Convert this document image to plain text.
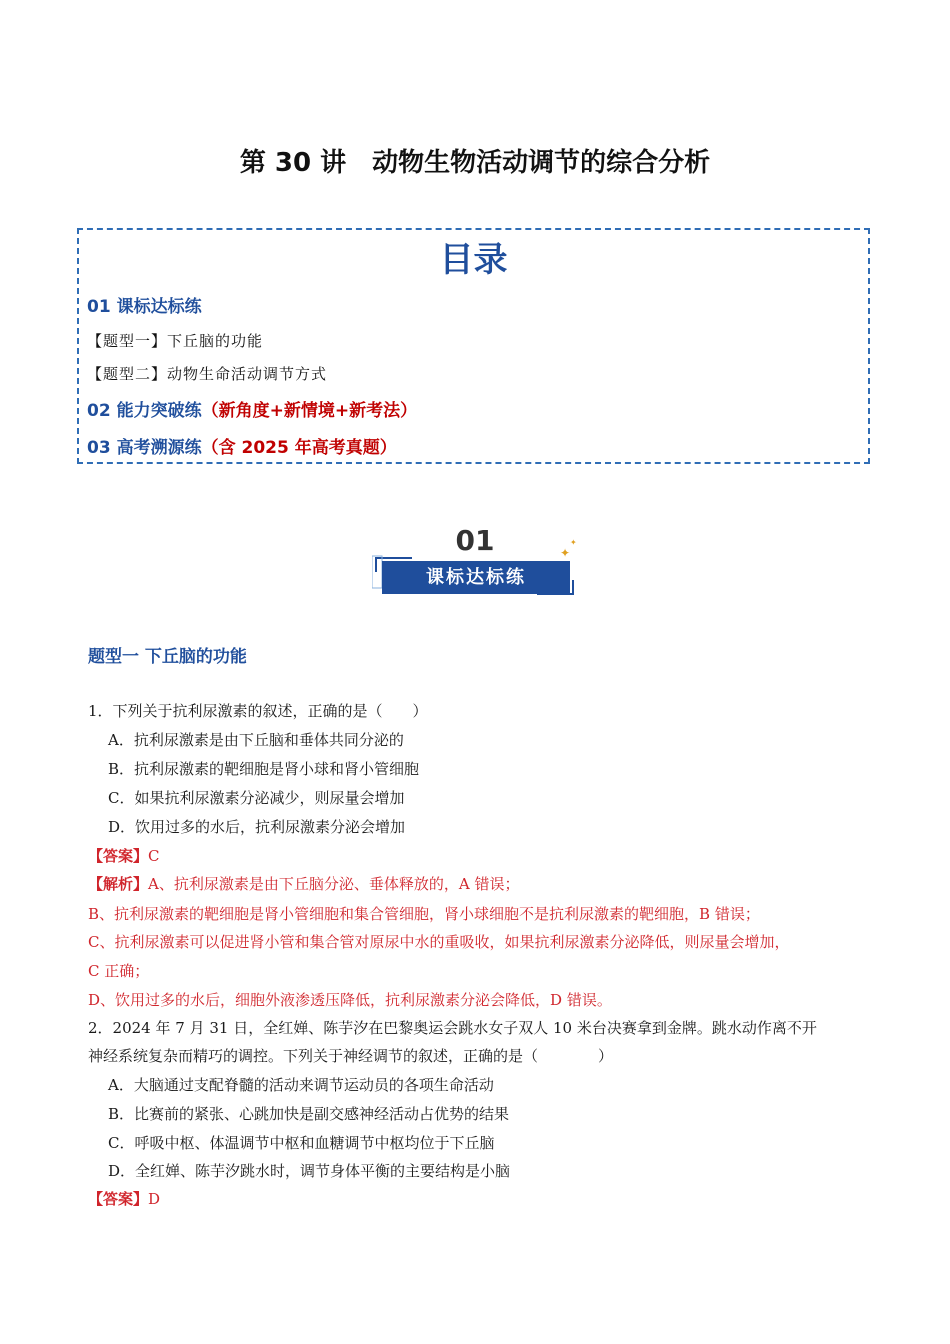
第 30 讲　动物生物活动调节的综合分析
目录
01 课标达标练
【题型一】下丘脑的功能
【题型二】动物生命活动调节方式
02 能力突破练（新角度+新情境+新考法）
03 高考溯源练（含 2025 年高考真题）
01
课标达标练
✦
✦
题型一 下丘脑的功能
1．下列关于抗利尿激素的叙述，正确的是（　　）
A．抗利尿激素是由下丘脑和垂体共同分泌的
B．抗利尿激素的靶细胞是肾小球和肾小管细胞
C．如果抗利尿激素分泌减少，则尿量会增加
D．饮用过多的水后，抗利尿激素分泌会增加
【答案】C
【解析】A、抗利尿激素是由下丘脑分泌、垂体释放的，A 错误；
B、抗利尿激素的靶细胞是肾小管细胞和集合管细胞，肾小球细胞不是抗利尿激素的靶细胞，B 错误；
C、抗利尿激素可以促进肾小管和集合管对原尿中水的重吸收，如果抗利尿激素分泌降低，则尿量会增加，
C 正确；
D、饮用过多的水后，细胞外液渗透压降低，抗利尿激素分泌会降低，D 错误。
2．2024 年 7 月 31 日，全红婵、陈芋汐在巴黎奥运会跳水女子双人 10 米台决赛拿到金牌。跳水动作离不开
神经系统复杂而精巧的调控。下列关于神经调节的叙述，正确的是（　　　　）
A．大脑通过支配脊髓的活动来调节运动员的各项生命活动
B．比赛前的紧张、心跳加快是副交感神经活动占优势的结果
C．呼吸中枢、体温调节中枢和血糖调节中枢均位于下丘脑
D．全红婵、陈芋汐跳水时，调节身体平衡的主要结构是小脑
【答案】D
